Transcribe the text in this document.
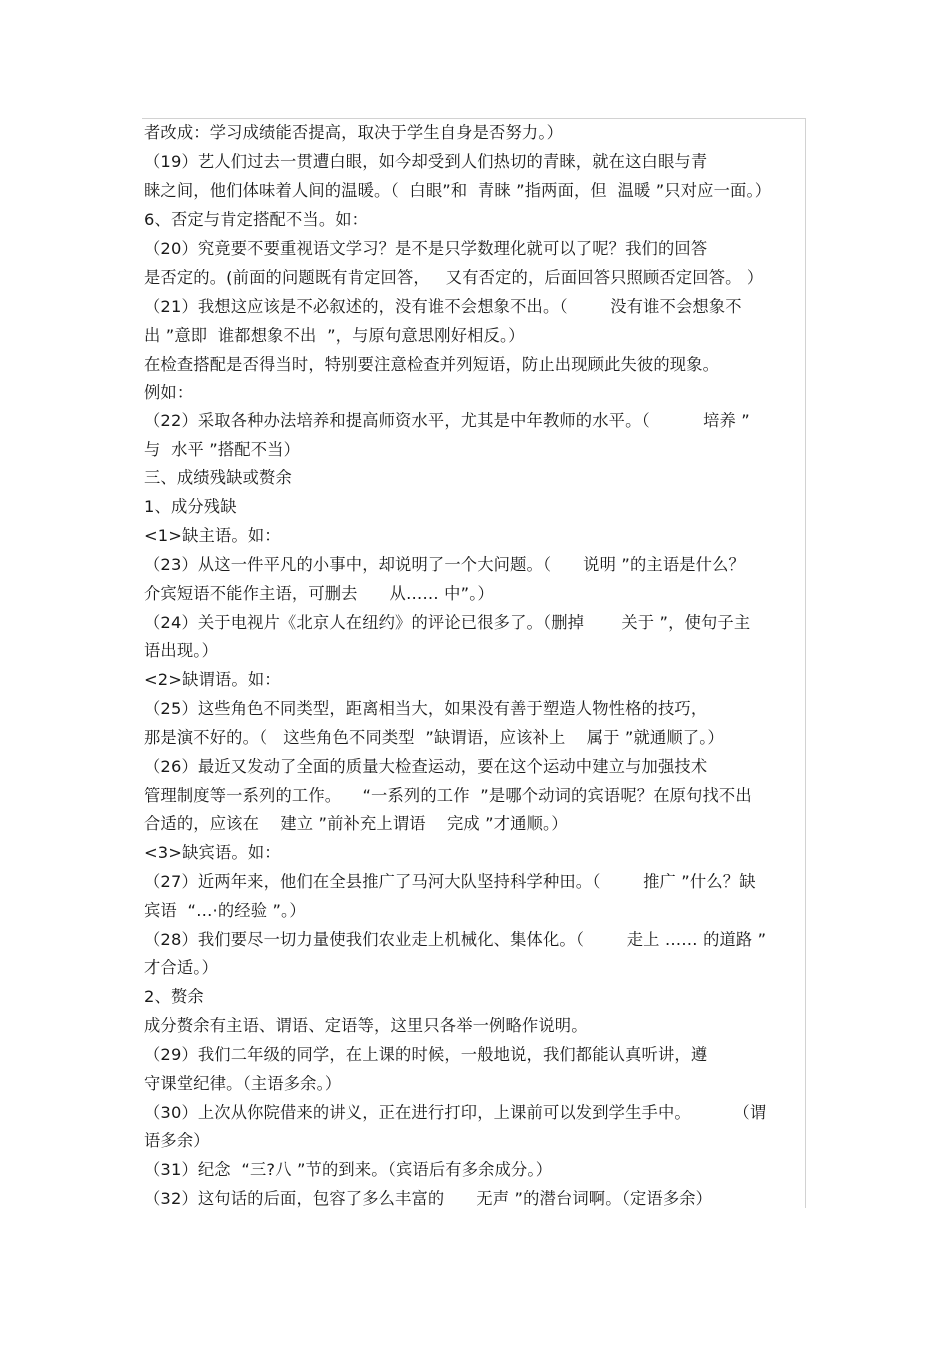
者改成：学习成绩能否提高，取决于学生自身是否努力。）
（19）艺人们过去一贯遭白眼，如今却受到人们热切的青睐，就在这白眼与青
睐之间，他们体味着人间的温暖。（  白眼”和  青睐 ”指两面，但  温暖 ”只对应一面。）
6、否定与肯定搭配不当。如：
（20）究竟要不要重视语文学习？是不是只学数理化就可以了呢？我们的回答
是否定的。(前面的问题既有肯定回答，   又有否定的，后面回答只照顾否定回答。 ）
（21）我想这应该是不必叙述的，没有谁不会想象不出。（        没有谁不会想象不
出 ”意即  谁都想象不出  ”，与原句意思刚好相反。）
在检查搭配是否得当时，特别要注意检查并列短语，防止出现顾此失彼的现象。
例如：
（22）采取各种办法培养和提高师资水平，尤其是中年教师的水平。（          培养 ”
与  水平 ”搭配不当）
三、成绩残缺或赘余
1、成分残缺
<1>缺主语。如：
（23）从这一件平凡的小事中，却说明了一个大问题。（      说明 ”的主语是什么？
介宾短语不能作主语，可删去      从…… 中”。）
（24）关于电视片《北京人在纽约》的评论已很多了。（删掉       关于 ”，使句子主
语出现。）
<2>缺谓语。如：
（25）这些角色不同类型，距离相当大，如果没有善于塑造人物性格的技巧，
那是演不好的。（   这些角色不同类型  ”缺谓语，应该补上    属于 ”就通顺了。）
（26）最近又发动了全面的质量大检查运动，要在这个运动中建立与加强技术
管理制度等一系列的工作。    “一系列的工作  ”是哪个动词的宾语呢？在原句找不出
合适的，应该在    建立 ”前补充上谓语    完成 ”才通顺。）
<3>缺宾语。如：
（27）近两年来，他们在全县推广了马河大队坚持科学种田。（        推广 ”什么？缺
宾语  “…·的经验 ”。）
（28）我们要尽一切力量使我们农业走上机械化、集体化。（        走上 …… 的道路 ”
才合适。）
2、赘余
成分赘余有主语、谓语、定语等，这里只各举一例略作说明。
（29）我们二年级的同学，在上课的时候，一般地说，我们都能认真听讲，遵
守课堂纪律。（主语多余。）
（30）上次从你院借来的讲义，正在进行打印，上课前可以发到学生手中。        （谓
语多余）
（31）纪念  “三?八 ”节的到来。（宾语后有多余成分。）
（32）这句话的后面，包容了多么丰富的      无声 ”的潜台词啊。（定语多余）
